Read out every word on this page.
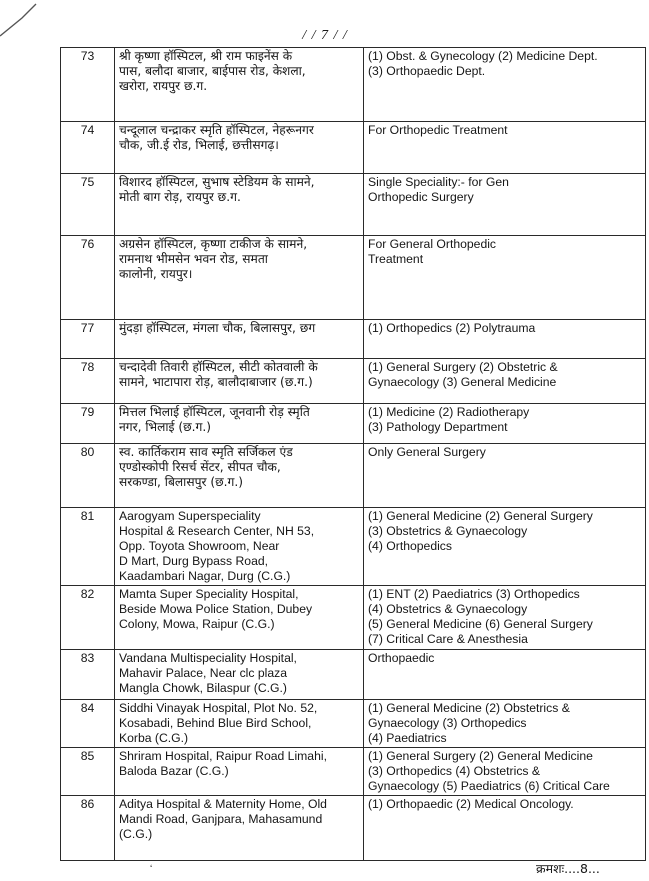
/ / 7 / /
73	श्री कृष्णा हॉस्पिटल, श्री राम फाइनेंस के
पास, बलौदा बाजार, बाईपास रोड, केशला,
खरोरा, रायपुर छ.ग.	(1) Obst. & Gynecology (2) Medicine Dept.
(3) Orthopaedic Dept.

74	चन्दूलाल चन्द्राकर स्मृति हॉस्पिटल, नेहरूनगर
चौक, जी.ई रोड, भिलाई, छत्तीसगढ़।	For Orthopedic Treatment

75	विशारद हॉस्पिटल, सुभाष स्टेडियम के सामने,
मोती बाग रोड़, रायपुर छ.ग.	Single Speciality:- for Gen
Orthopedic Surgery

76	अग्रसेन हॉस्पिटल, कृष्णा टाकीज के सामने,
रामनाथ भीमसेन भवन रोड, समता
कालोनी, रायपुर।	For General Orthopedic
Treatment

77	मुंदड़ा हॉस्पिटल, मंगला चौक, बिलासपुर, छग	(1) Orthopedics (2) Polytrauma

78	चन्दादेवी तिवारी हॉस्पिटल, सीटी कोतवाली के
सामने, भाटापारा रोड़, बालौदाबाजार (छ.ग.)	(1) General Surgery (2) Obstetric &
Gynaecology (3) General Medicine

79	मित्तल भिलाई हॉस्पिटल, जूनवानी रोड़ स्मृति
नगर, भिलाई (छ.ग.)	(1) Medicine (2) Radiotherapy
(3) Pathology Department

80	स्व. कार्तिकराम साव स्मृति सर्जिकल एंड
एण्डोस्कोपी रिसर्च सेंटर, सीपत चौक,
सरकण्डा, बिलासपुर (छ.ग.)	Only General Surgery

81	Aarogyam Superspeciality
Hospital & Research Center, NH 53,
Opp. Toyota Showroom, Near
D Mart, Durg Bypass Road,
Kaadambari Nagar, Durg (C.G.)	(1) General Medicine (2) General Surgery
(3) Obstetrics & Gynaecology
(4) Orthopedics

82	Mamta Super Speciality Hospital,
Beside Mowa Police Station, Dubey
Colony, Mowa, Raipur (C.G.)	(1) ENT (2) Paediatrics (3) Orthopedics
(4) Obstetrics & Gynaecology
(5) General Medicine (6) General Surgery
(7) Critical Care & Anesthesia

83	Vandana Multispeciality Hospital,
Mahavir Palace, Near clc plaza
Mangla Chowk, Bilaspur (C.G.)	Orthopaedic

84	Siddhi Vinayak Hospital, Plot No. 52,
Kosabadi, Behind Blue Bird School,
Korba (C.G.)	(1) General Medicine (2) Obstetrics &
Gynaecology (3) Orthopedics
(4) Paediatrics

85	Shriram Hospital, Raipur Road Limahi,
Baloda Bazar (C.G.)	(1) General Surgery (2) General Medicine
(3) Orthopedics (4) Obstetrics &
Gynaecology (5) Paediatrics (6) Critical Care

86	Aditya Hospital & Maternity Home, Old
Mandi Road, Ganjpara, Mahasamund
(C.G.)	(1) Orthopaedic (2) Medical Oncology.
क्रमशः....8...
ʻ
